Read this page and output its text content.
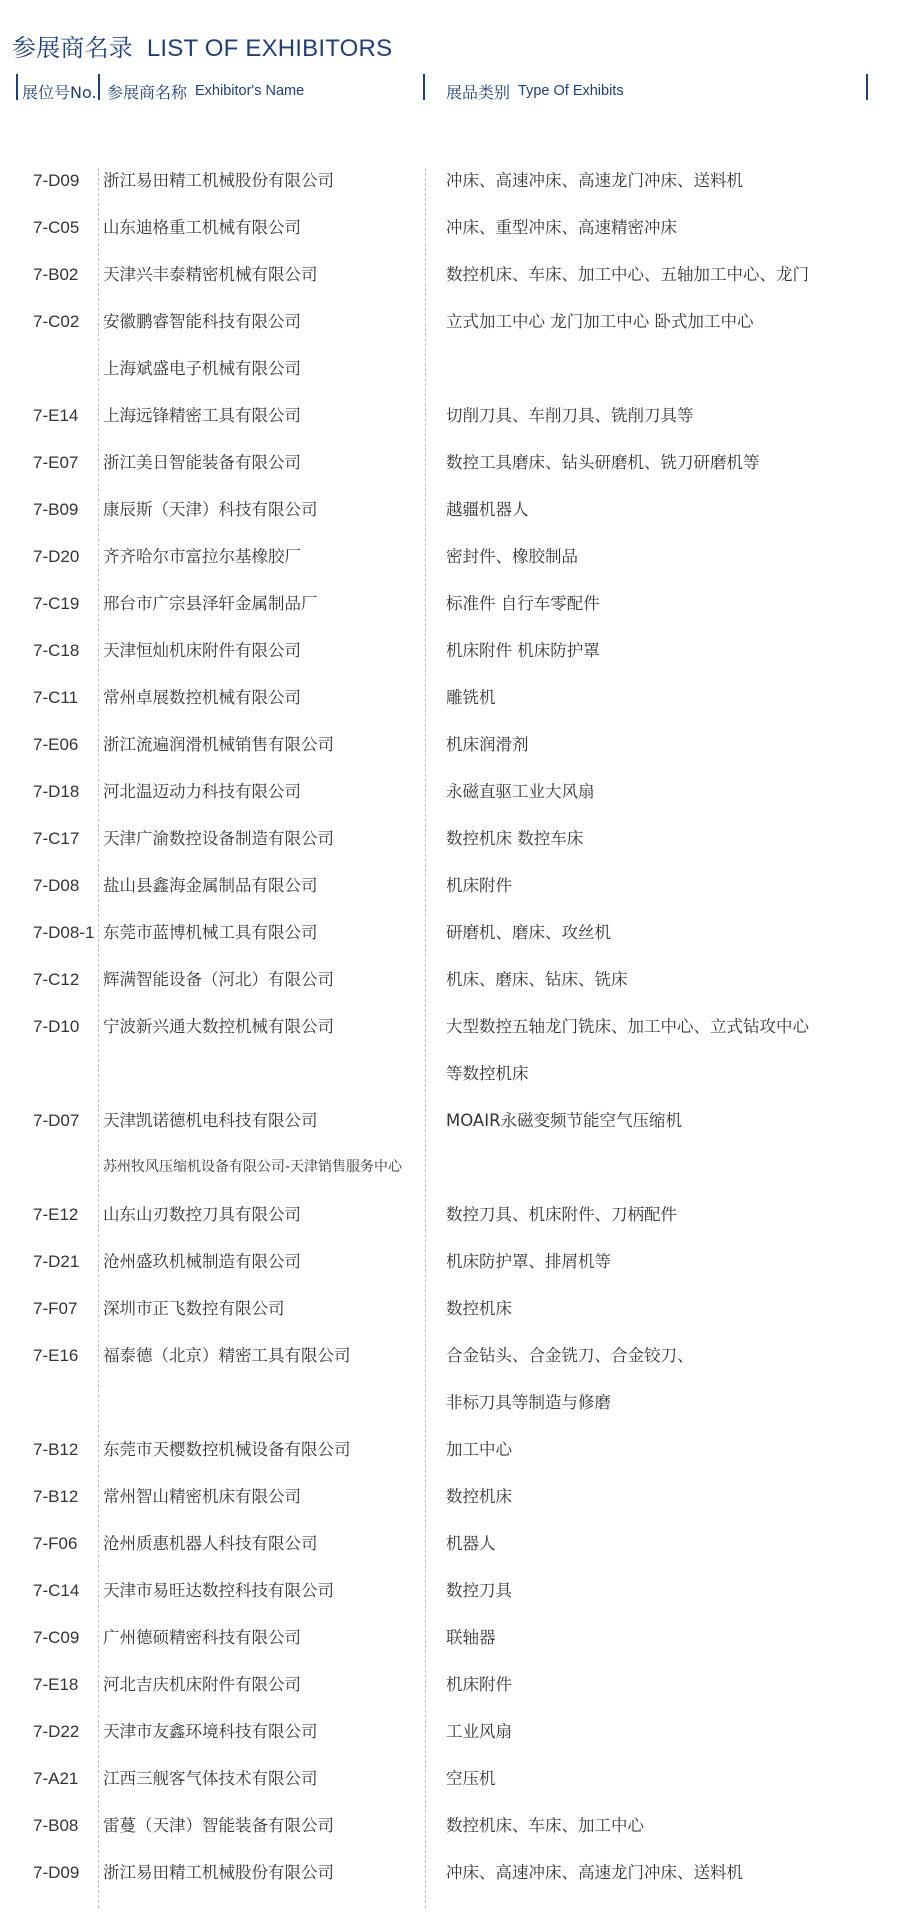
参展商名录 LIST OF EXHIBITORS
展位号No. 参展商名称 Exhibitor's Name	展品类别 Type Of Exhibits
7-D09 浙江易田精工机械股份有限公司	冲床、高速冲床、高速龙门冲床、送料机
7-C05 山东迪格重工机械有限公司	冲床、重型冲床、高速精密冲床
7-B02 天津兴丰泰精密机械有限公司	数控机床、车床、加工中心、五轴加工中心、龙门
7-C02 安徽鹏睿智能科技有限公司	立式加工中心 龙门加工中心 卧式加工中心
上海斌盛电子机械有限公司
7-E14 上海远锋精密工具有限公司	切削刀具、车削刀具、铣削刀具等
7-E07 浙江美日智能装备有限公司	数控工具磨床、钻头研磨机、铣刀研磨机等
7-B09 康辰斯（天津）科技有限公司	越疆机器人
7-D20 齐齐哈尔市富拉尔基橡胶厂	密封件、橡胶制品
7-C19 邢台市广宗县泽轩金属制品厂	标准件 自行车零配件
7-C18 天津恒灿机床附件有限公司	机床附件 机床防护罩
7-C11 常州卓展数控机械有限公司	雕铣机
7-E06 浙江流遍润滑机械销售有限公司	机床润滑剂
7-D18 河北温迈动力科技有限公司	永磁直驱工业大风扇
7-C17 天津广渝数控设备制造有限公司	数控机床 数控车床
7-D08 盐山县鑫海金属制品有限公司	机床附件
7-D08-1 东莞市蓝博机械工具有限公司	研磨机、磨床、攻丝机
7-C12 辉满智能设备（河北）有限公司	机床、磨床、钻床、铣床
7-D10 宁波新兴通大数控机械有限公司	大型数控五轴龙门铣床、加工中心、立式钻攻中心
等数控机床
7-D07 天津凯诺德机电科技有限公司	MOAIR永磁变频节能空气压缩机
苏州牧风压缩机设备有限公司-天津销售服务中心
7-E12 山东山刃数控刀具有限公司	数控刀具、机床附件、刀柄配件
7-D21 沧州盛玖机械制造有限公司	机床防护罩、排屑机等
7-F07 深圳市正飞数控有限公司	数控机床
7-E16 福泰德（北京）精密工具有限公司	合金钻头、合金铣刀、合金铰刀、
非标刀具等制造与修磨
7-B12 东莞市天樱数控机械设备有限公司	加工中心
7-B12 常州智山精密机床有限公司	数控机床
7-F06 沧州质惠机器人科技有限公司	机器人
7-C14 天津市易旺达数控科技有限公司	数控刀具
7-C09 广州德硕精密科技有限公司	联轴器
7-E18 河北吉庆机床附件有限公司	机床附件
7-D22 天津市友鑫环境科技有限公司	工业风扇
7-A21 江西三舰客气体技术有限公司	空压机
7-B08 雷蔓（天津）智能装备有限公司	数控机床、车床、加工中心
7-D09 浙江易田精工机械股份有限公司	冲床、高速冲床、高速龙门冲床、送料机
